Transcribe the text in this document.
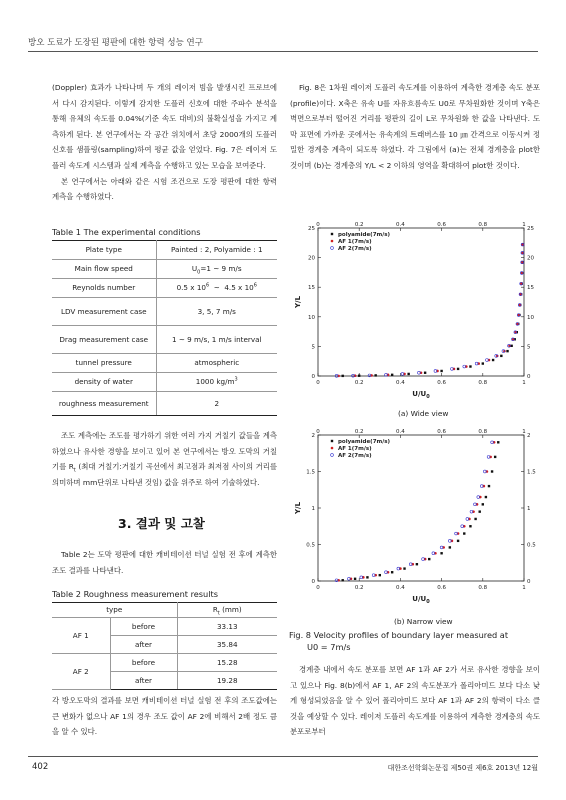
방오 도료가 도장된 평판에 대한 항력 성능 연구

(Doppler) 효과가 나타나며 두 개의 레이저 빔을 발생시킨 프로브에서 다시 감지된다. 이렇게 감지한 도플러 신호에 대한 주파수 분석을 통해 유체의 속도를 0.04%(기준 속도 대비)의 불확실성을 가지고 계측하게 된다. 본 연구에서는 각 공간 위치에서 초당 2000개의 도플러 신호를 샘플링(sampling)하여 평균 값을 얻었다. Fig. 7은 레이저 도플러 속도계 시스템과 실제 계측을 수행하고 있는 모습을 보여준다.

본 연구에서는 아래와 같은 시험 조건으로 도장 평판에 대한 항력 계측을 수행하였다.

Table 1 The experimental conditions
Plate type	Painted : 2, Polyamide : 1
Main flow speed	$U_0=1$ ~ 9 m/s
Reynolds number	0.5 x $10^6$  ~  4.5 x $10^6$
LDV measurement case	3, 5, 7 m/s
Drag measurement case	1 ~ 9 m/s, 1 m/s interval
tunnel pressure	atmospheric
density of water	1000 $kg/m^3$
roughness measurement	2

조도 계측에는 조도를 평가하기 위한 여러 가지 거칠기 값들을 계측하였으나 유사한 경향을 보이고 있어 본 연구에서는 방오 도막의 거칠기를 $R_t$ (최대 거칠기:거칠기 곡선에서 최고점과 최저점 사이의 거리를 의미하며 mm단위로 나타낸 것임) 값을 위주로 하여 기술하였다.

3. 결과 및 고찰

Table 2는 도막 평판에 대한 캐비테이션 터널 실험 전 후에 계측한 조도 결과를 나타낸다.

Table 2 Roughness measurement results
type		$R_t$ (mm)
AF 1	before	33.13
	after	35.84
AF 2	before	15.28
	after	19.28

각 방오도막의 결과를 보면 캐비테이션 터널 실험 전 후의 조도값에는 큰 변화가 없으나 AF 1의 경우 조도 값이 AF 2에 비해서 2배 정도 큼을 알 수 있다.

Fig. 8은 1차원 레이저 도플러 속도계를 이용하여 계측한 경계층 속도 분포(profile)이다. X축은 유속 U를 자유흐름속도 U0로 무차원화한 것이며 Y축은 벽면으로부터 떨어진 거리를 평판의 길이 L로 무차원화 한 값을 나타낸다. 도막 표면에 가까운 곳에서는 유속계의 트래버스를 10 ㎛ 간격으로 이동시켜 정밀한 경계층 계측이 되도록 하였다. 각 그림에서 (a)는 전체 경계층을 plot한 것이며 (b)는 경계층의 Y/L < 2 이하의 영역을 확대하여 plot한 것이다.

0
0
0.2
0.2
0.4
0.4
0.6
0.6
0.8
0.8
1
1
0	0
5	5
10	10
15	15
20	20
25	25
$U/U_0$
Y/L
polyamide(7m/s)
AF 1(7m/s)
AF 2(7m/s)
(a) Wide view
0
0
0.2
0.2
0.4
0.4
0.6
0.6
0.8
0.8
1
1
0	0
0.5	0.5
1	1
1.5	1.5
2	2
$U/U_0$
Y/L
polyamide(7m/s)
AF 1(7m/s)
AF 2(7m/s)
(b) Narrow view
Fig. 8 Velocity profiles of boundary layer measured at
U0 = 7m/s

경계층 내에서 속도 분포를 보면 AF 1과 AF 2가 서로 유사한 경향을 보이고 있으나 Fig. 8(b)에서 AF 1, AF 2의 속도분포가 폴리아미드 보다 다소 낮게 형성되었음을 알 수 있어 폴리아미드 보다 AF 1과 AF 2의 항력이 다소 클 것을 예상할 수 있다. 레이저 도플러 속도계를 이용하여 계측한 경계층의 속도 분포로부터

402	대한조선학회논문집 제50권 제6호 2013년 12월
